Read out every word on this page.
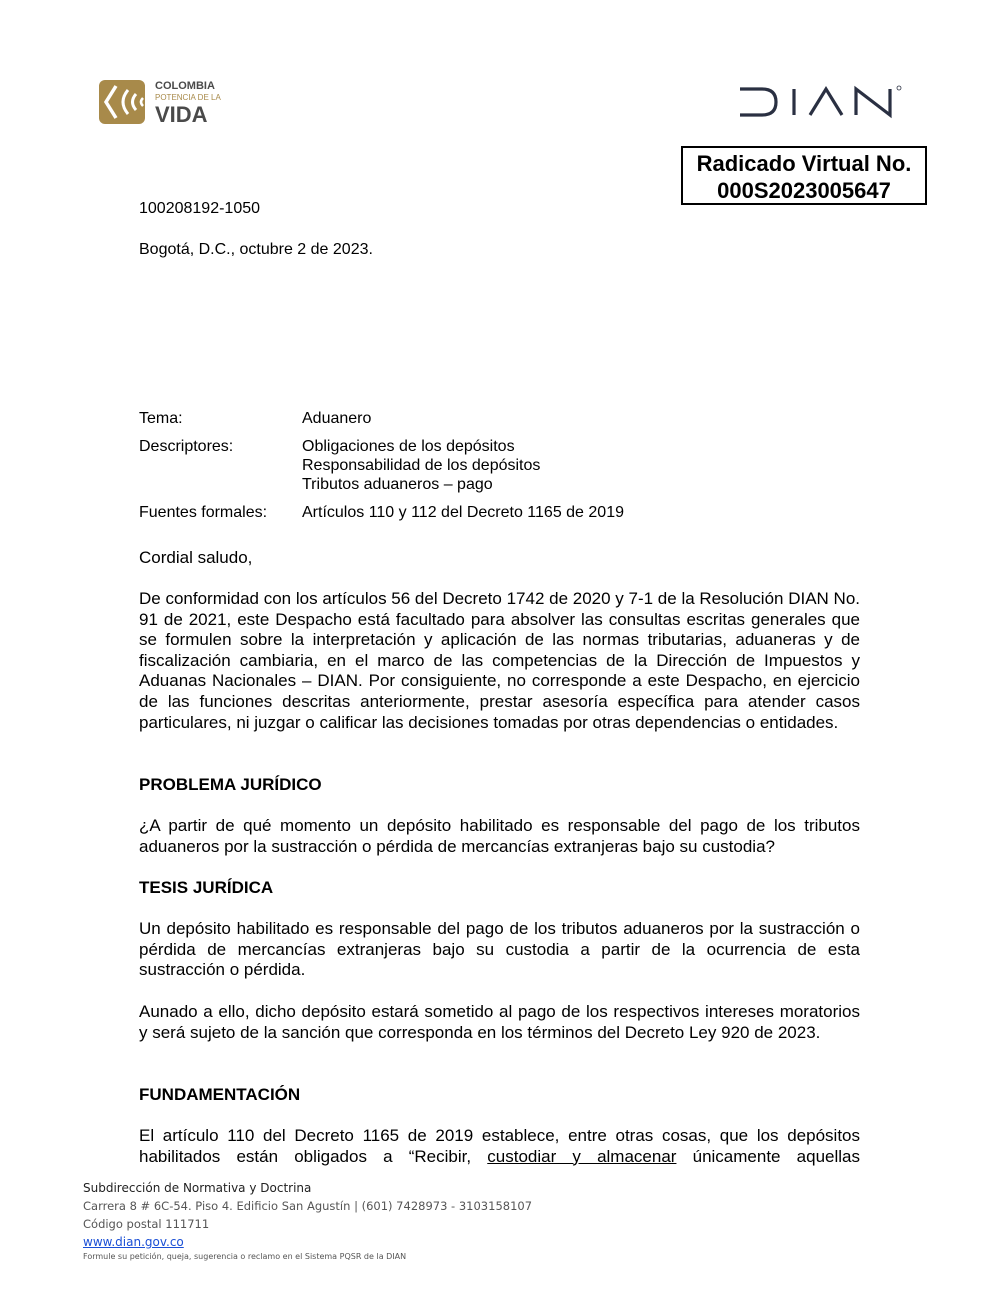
COLOMBIA
POTENCIA DE LA
VIDA
Radicado Virtual No.
000S2023005647
100208192-1050
Bogotá, D.C., octubre 2 de 2023.
Tema:	Aduanero
Descriptores:	Obligaciones de los depósitos
Responsabilidad de los depósitos
Tributos aduaneros – pago
Fuentes formales: Artículos 110 y 112 del Decreto 1165 de 2019
Cordial saludo,
De conformidad con los artículos 56 del Decreto 1742 de 2020 y 7-1 de la Resolución DIAN No. 91 de 2021, este Despacho está facultado para absolver las consultas escritas generales que se formulen sobre la interpretación y aplicación de las normas tributarias, aduaneras y de fiscalización cambiaria, en el marco de las competencias de la Dirección de Impuestos y Aduanas Nacionales – DIAN. Por consiguiente, no corresponde a este Despacho, en ejercicio de las funciones descritas anteriormente, prestar asesoría específica para atender casos particulares, ni juzgar o calificar las decisiones tomadas por otras dependencias o entidades.
PROBLEMA JURÍDICO
¿A partir de qué momento un depósito habilitado es responsable del pago de los tributos aduaneros por la sustracción o pérdida de mercancías extranjeras bajo su custodia?
TESIS JURÍDICA
Un depósito habilitado es responsable del pago de los tributos aduaneros por la sustracción o pérdida de mercancías extranjeras bajo su custodia a partir de la ocurrencia de esta sustracción o pérdida.
Aunado a ello, dicho depósito estará sometido al pago de los respectivos intereses moratorios y será sujeto de la sanción que corresponda en los términos del Decreto Ley 920 de 2023.
FUNDAMENTACIÓN
El artículo 110 del Decreto 1165 de 2019 establece, entre otras cosas, que los depósitos habilitados están obligados a “Recibir, custodiar y almacenar únicamente aquellas
Subdirección de Normativa y Doctrina
Carrera 8 # 6C-54. Piso 4. Edificio San Agustín | (601) 7428973 - 3103158107
Código postal 111711
www.dian.gov.co
Formule su petición, queja, sugerencia o reclamo en el Sistema PQSR de la DIAN
